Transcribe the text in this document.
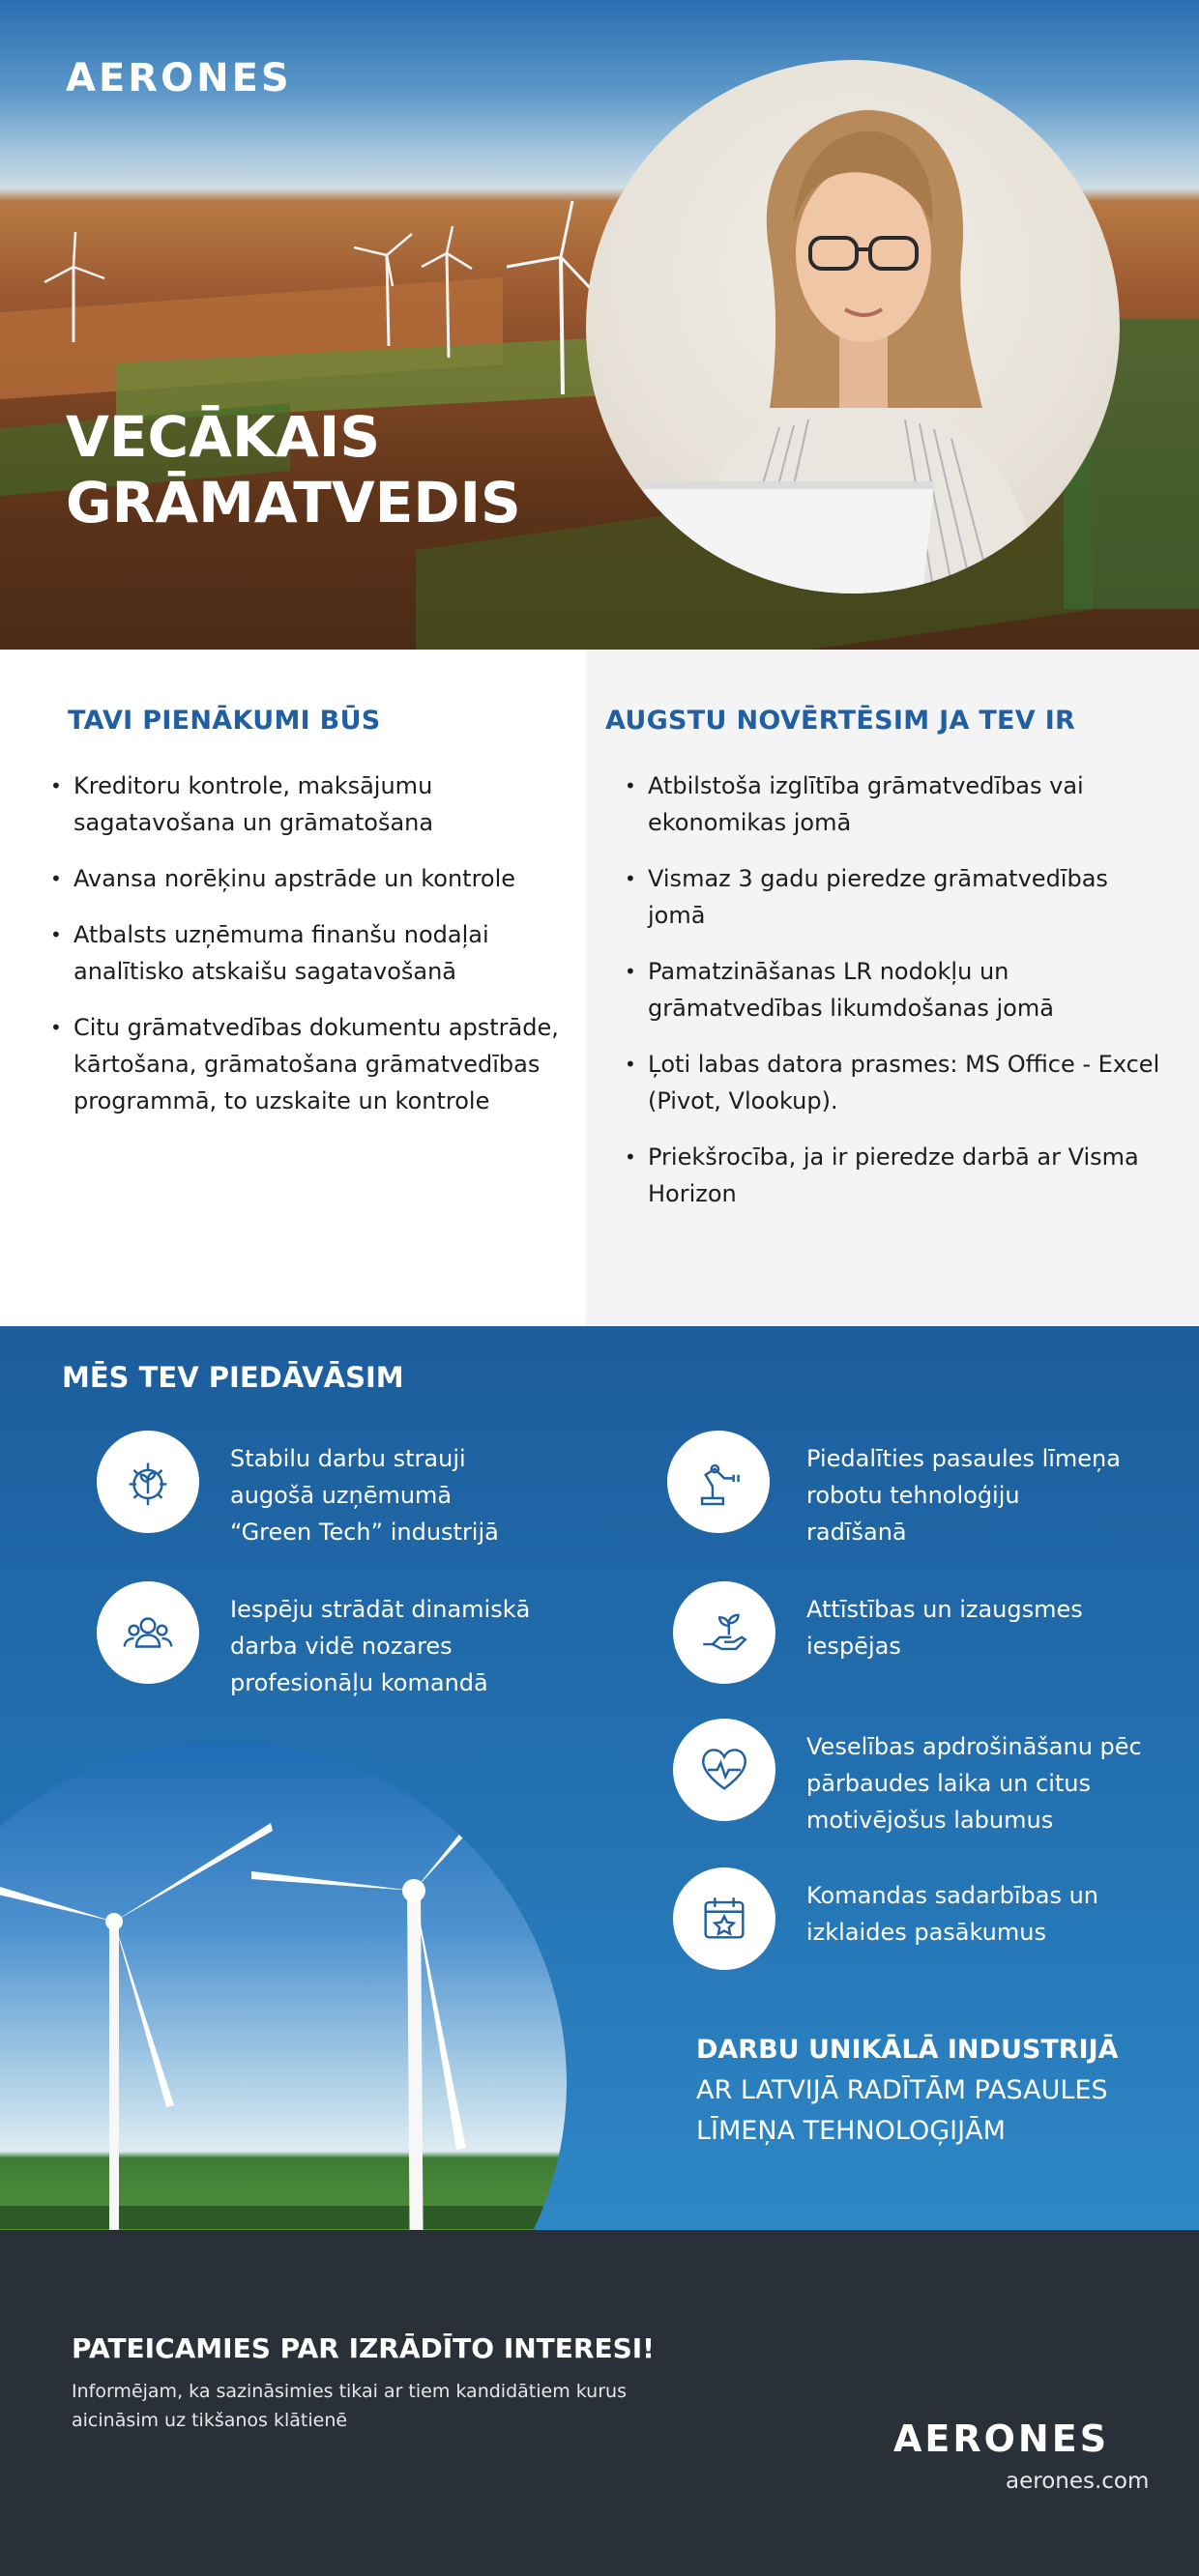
AERONES
VECĀKAIS GRĀMATVEDIS
TAVI PIENĀKUMI BŪS
• Kreditoru kontrole, maksājumu sagatavošana un grāmatošana
• Avansa norēķinu apstrāde un kontrole
• Atbalsts uzņēmuma finanšu nodaļai analītisko atskaišu sagatavošanā
• Citu grāmatvedības dokumentu apstrāde, kārtošana, grāmatošana grāmatvedības programmā, to uzskaite un kontrole
AUGSTU NOVĒRTĒSIM JA TEV IR
• Atbilstoša izglītība grāmatvedības vai ekonomikas jomā
• Vismaz 3 gadu pieredze grāmatvedības jomā
• Pamatzināšanas LR nodokļu un grāmatvedības likumdošanas jomā
• Ļoti labas datora prasmes: MS Office - Excel (Pivot, Vlookup).
• Priekšrocība, ja ir pieredze darbā ar Visma Horizon
MĒS TEV PIEDĀVĀSIM
Stabilu darbu strauji augošā uzņēmumā “Green Tech” industrijā
Iespēju strādāt dinamiskā darba vidē nozares profesionāļu komandā
Piedalīties pasaules līmeņa robotu tehnoloģiju radīšanā
Attīstības un izaugsmes iespējas
Veselības apdrošināšanu pēc pārbaudes laika un citus motivējošus labumus
Komandas sadarbības un izklaides pasākumus
DARBU UNIKĀLĀ INDUSTRIJĀ
AR LATVIJĀ RADĪTĀM PASAULES
LĪMEŅA TEHNOLOĢIJĀM
PATEICAMIES PAR IZRĀDĪTO INTERESI!

Informējam, ka sazināsimies tikai ar tiem kandidātiem kurus aicināsim uz tikšanos klātienē	AERONES
aerones.com
